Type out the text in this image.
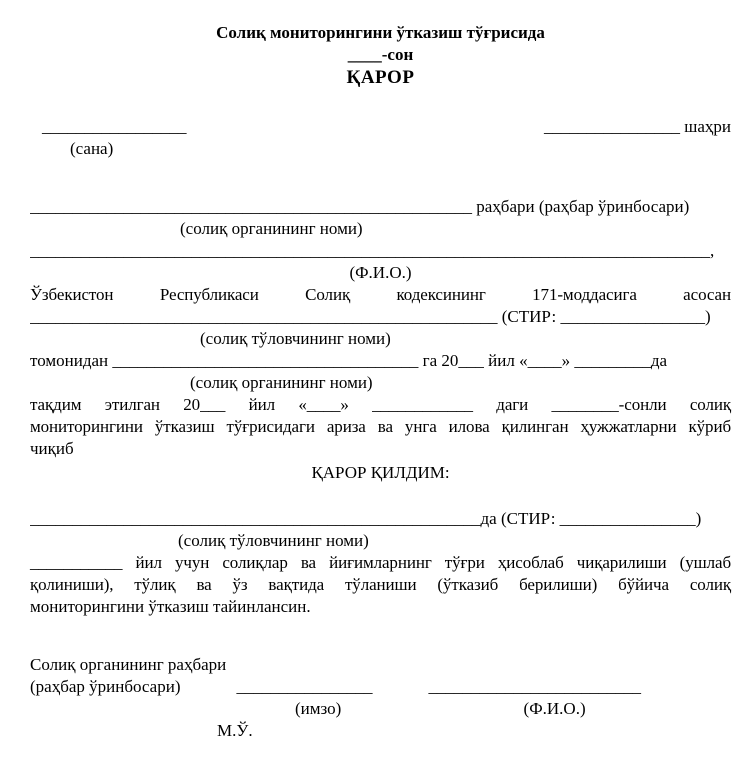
Солиқ мониторингини ўтказиш тўғрисида
____-сон
ҚАРОР
_________________	________________ шаҳри
(сана)
____________________________________________________ раҳбари (раҳбар ўринбосари)
(солиқ органининг номи)
________________________________________________________________________________,
(Ф.И.О.)
Ўзбекистон Республикаси Солиқ кодексининг 171-моддасига асосан
_______________________________________________________ (СТИР: _________________)
(солиқ тўловчининг номи)
томонидан ____________________________________ га 20___ йил «____» _________да
(солиқ органининг номи)
тақдим этилган 20___ йил «____» ____________ даги ________-сонли солиқ
мониторингини ўтказиш тўғрисидаги ариза ва унга илова қилинган ҳужжатларни кўриб
чиқиб
ҚАРОР ҚИЛДИМ:
_____________________________________________________да (СТИР: ________________)
(солиқ тўловчининг номи)
___________ йил учун солиқлар ва йиғимларнинг тўғри ҳисоблаб чиқарилиши (ушлаб
қолиниши), тўлиқ ва ўз вақтида тўланиши (ўтказиб берилиши) бўйича солиқ
мониторингини ўтказиш тайинлансин.
Солиқ органининг раҳбари
(раҳбар ўринбосари)	________________	_________________________
(имзо)	(Ф.И.О.)
М.Ў.
